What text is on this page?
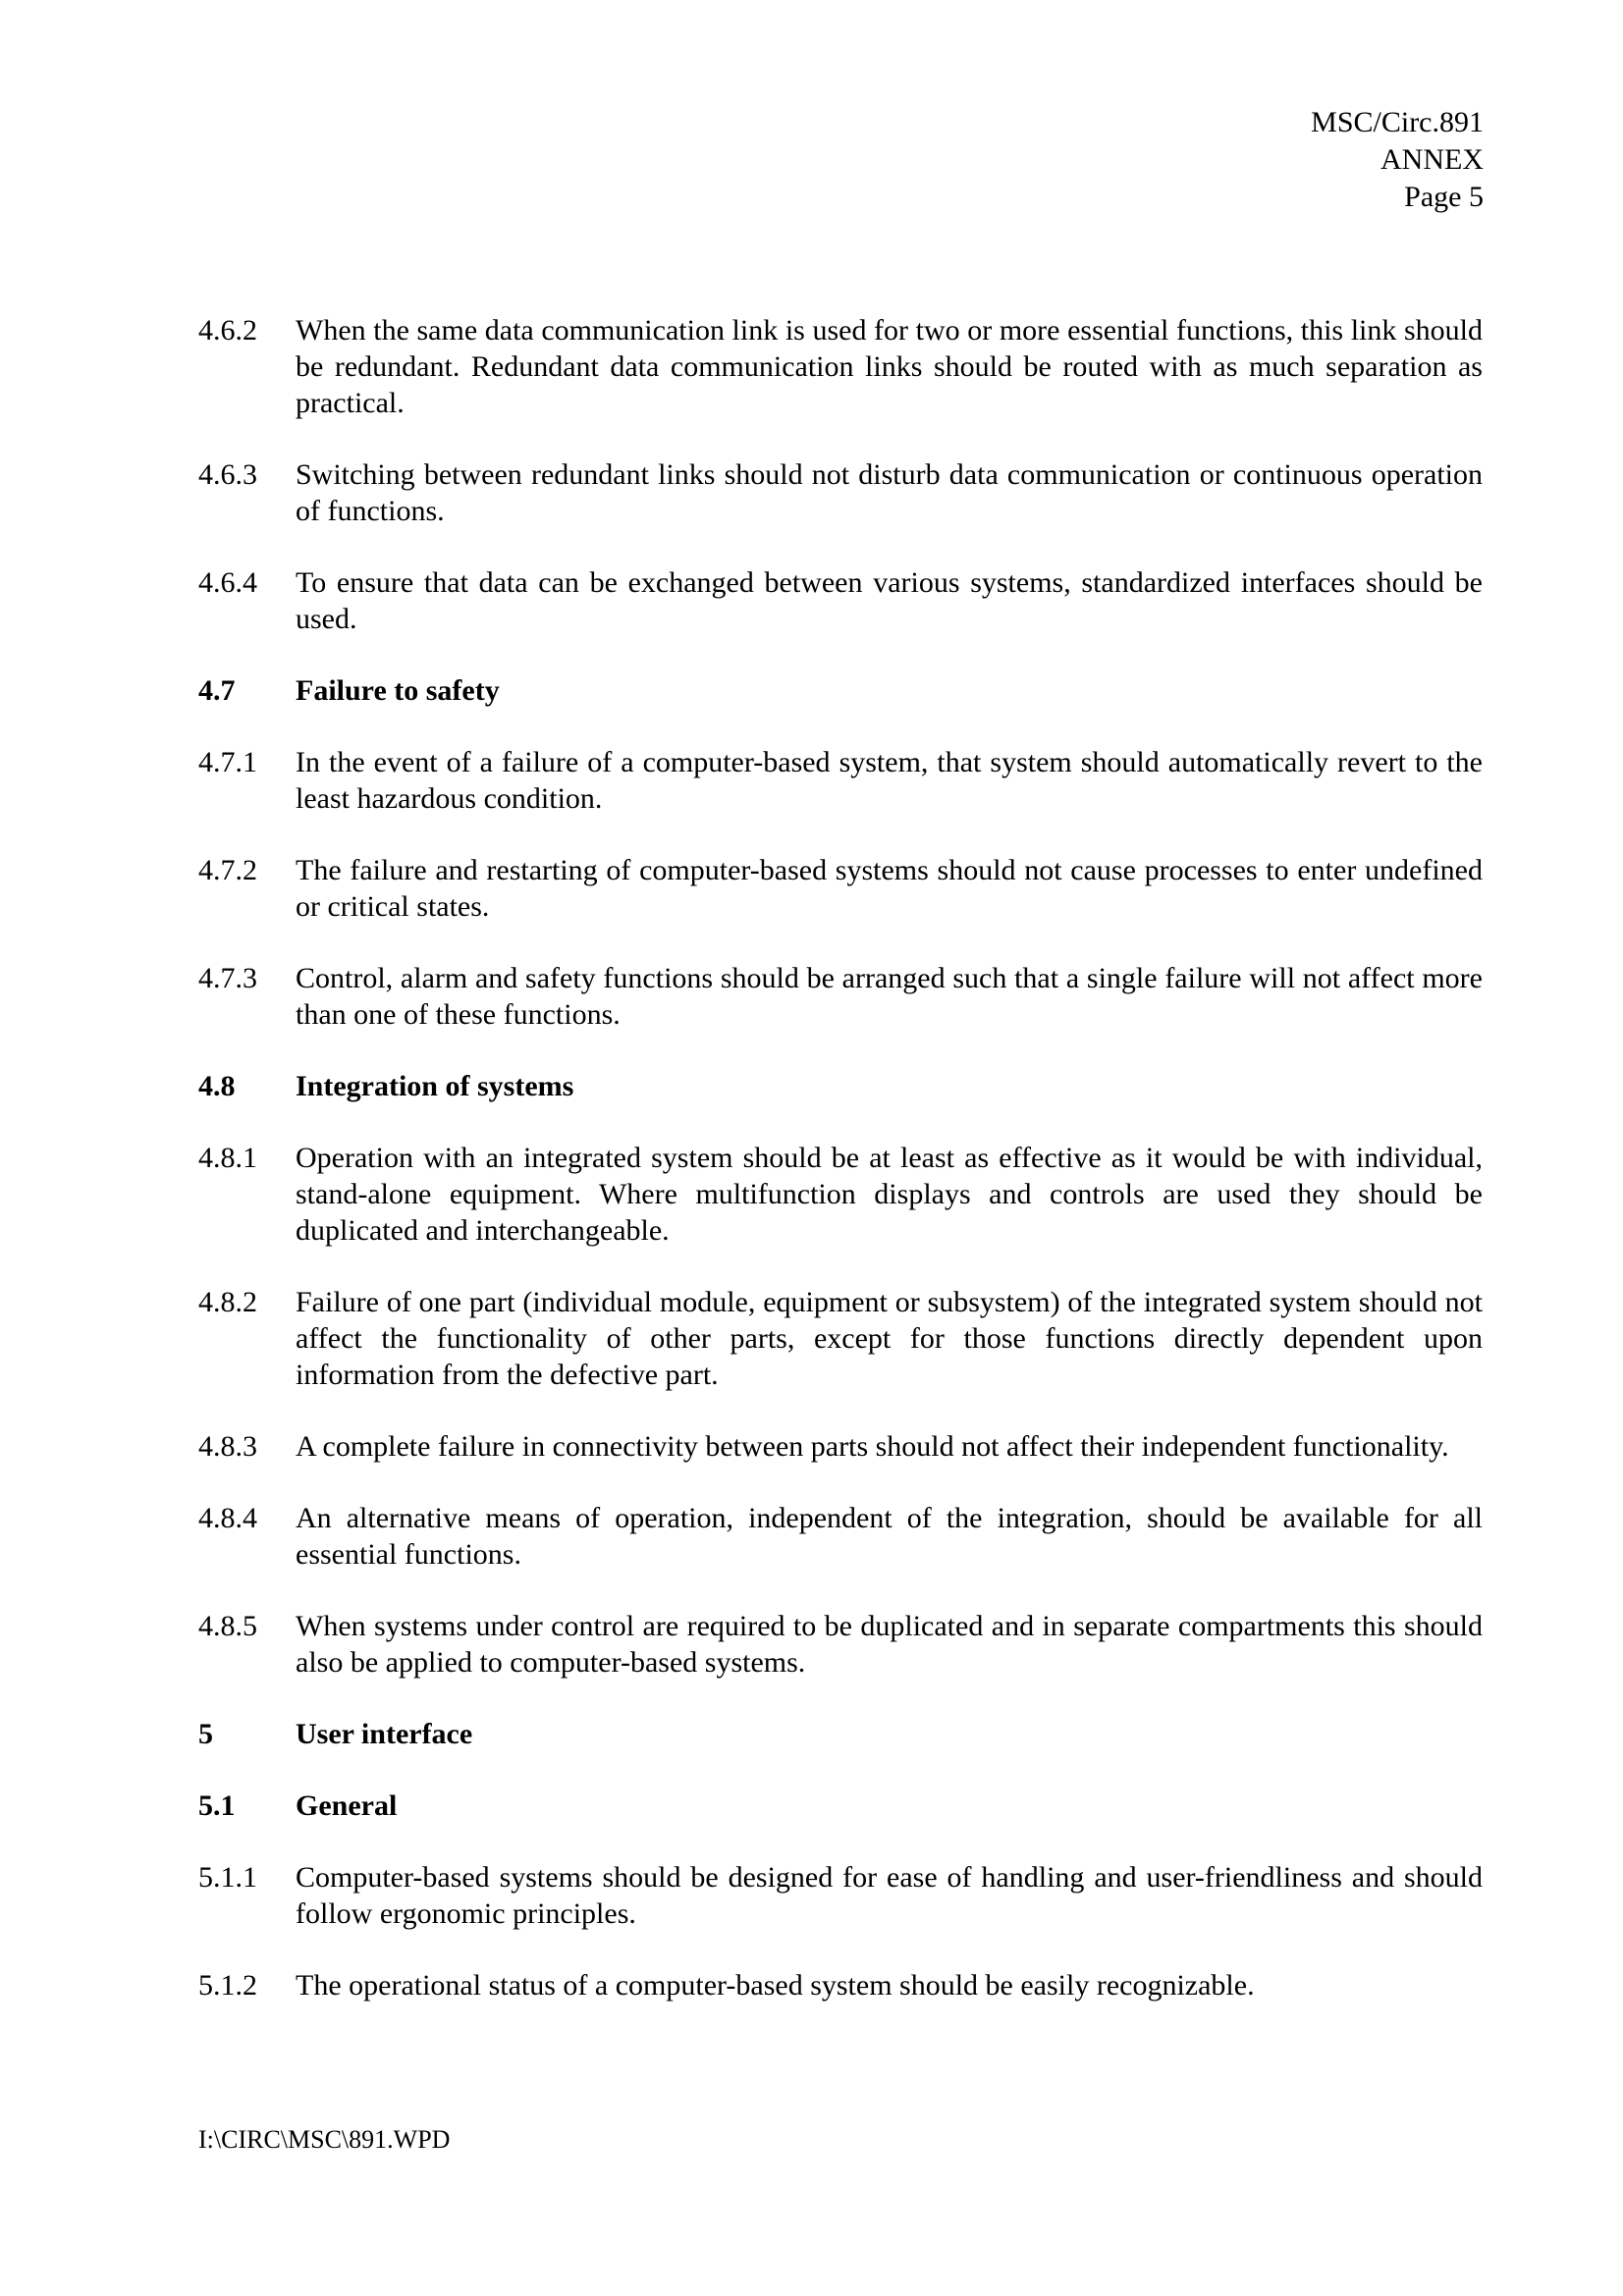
MSC/Circ.891
ANNEX
Page 5
4.6.2	When the same data communication link is used for two or more essential functions, this link should be redundant. Redundant data communication links should be routed with as much separation as practical.
4.6.3	Switching between redundant links should not disturb data communication or continuous operation of functions.
4.6.4	To ensure that data can be exchanged between various systems, standardized interfaces should be used.
4.7	Failure to safety
4.7.1	In the event of a failure of a computer-based system, that system should automatically revert to the least hazardous condition.
4.7.2	The failure and restarting of computer-based systems should not cause processes to enter undefined or critical states.
4.7.3	Control, alarm and safety functions should be arranged such that a single failure will not affect more than one of these functions.
4.8	Integration of systems
4.8.1	Operation with an integrated system should be at least as effective as it would be with individual, stand-alone equipment. Where multifunction displays and controls are used they should be duplicated and interchangeable.
4.8.2	Failure of one part (individual module, equipment or subsystem) of the integrated system should not affect the functionality of other parts, except for those functions directly dependent upon information from the defective part.
4.8.3	A complete failure in connectivity between parts should not affect their independent functionality.
4.8.4	An alternative means of operation, independent of the integration, should be available for all essential functions.
4.8.5	When systems under control are required to be duplicated and in separate compartments this should also be applied to computer-based systems.
5	User interface
5.1	General
5.1.1	Computer-based systems should be designed for ease of handling and user-friendliness and should follow ergonomic principles.
5.1.2	The operational status of a computer-based system should be easily recognizable.
I:\CIRC\MSC\891.WPD
